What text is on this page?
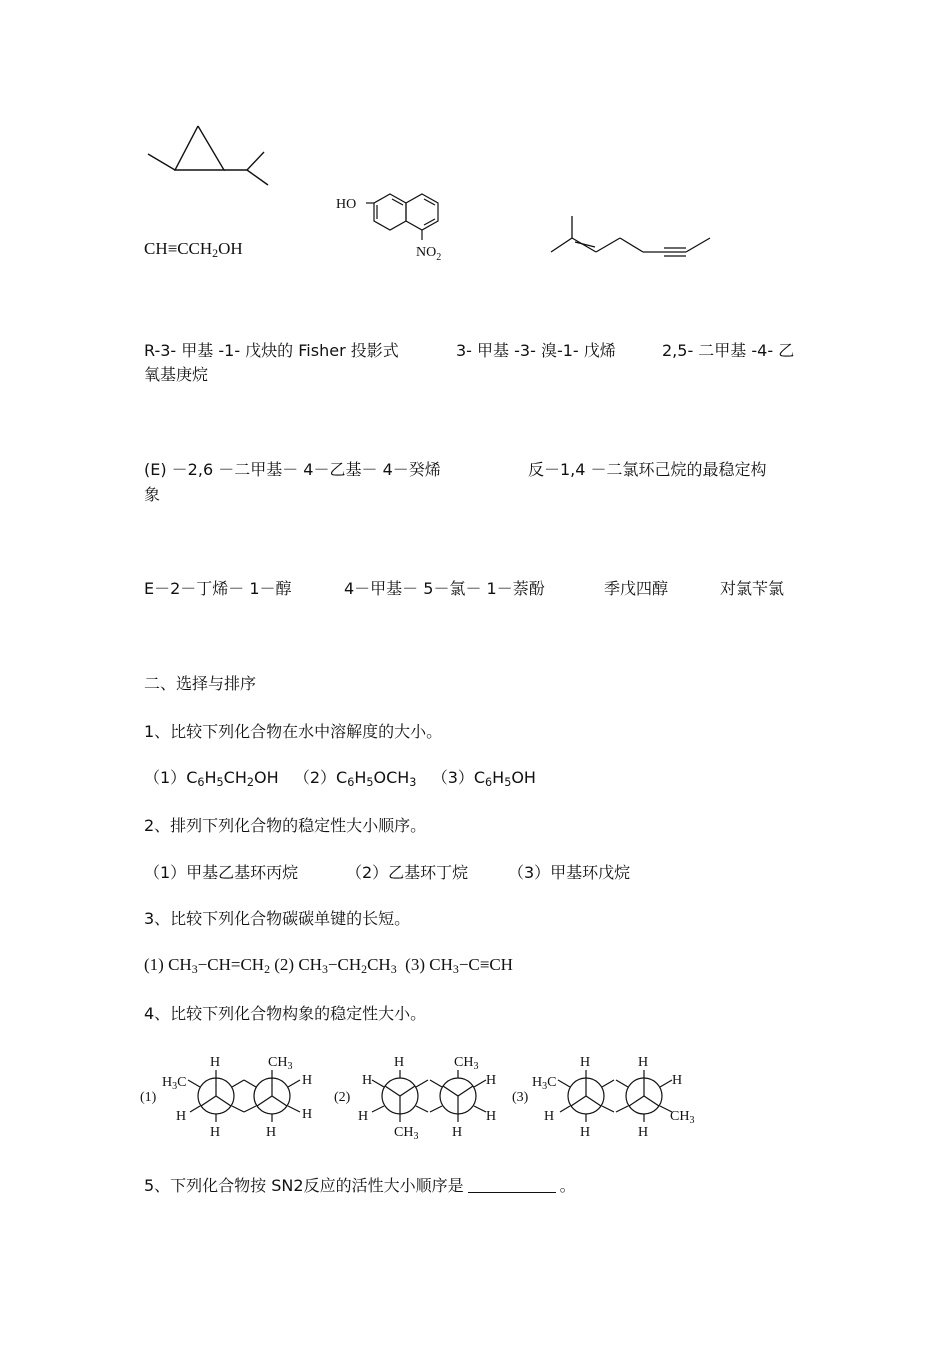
$CH\equiv CCH_2OH$
HO
$NO_2$
R-3- 甲基 -1- 戊炔的 Fisher 投影式	3- 甲基 -3- 溴-1- 戊烯	2,5- 二甲基 -4- 乙
氧基庚烷
(E) －2,6 －二甲基－ 4－乙基－ 4－癸烯	反－1,4 －二氯环己烷的最稳定构
象
E－2－丁烯－ 1－醇	4－甲基－ 5－氯－ 1－萘酚	季戊四醇	对氯苄氯
二、选择与排序
1、比较下列化合物在水中溶解度的大小。
$(1)C_6H_5CH_2OH$ $(2)C_6H_5OCH_3$ $(3)C_6H_5OH$
2、排列下列化合物的稳定性大小顺序。
（1）甲基乙基环丙烷	（2）乙基环丁烷 （3）甲基环戊烷
3、比较下列化合物碳碳单键的长短。
(1) $CH_3-CH=CH_2$ (2) $CH_3-CH_2CH_3$ (3) $CH_3-C\equiv CH$
4、比较下列化合物构象的稳定性大小。
(1)
H
$H_3C$
H
H
$CH_3$
H
H
H
(2)
H
H
H
$CH_3$
$CH_3$
H
H
H
(3)
H
$H_3C$
H
H
H
H
$CH_3$
H
5、下列化合物按 SN2反应的活性大小顺序是	。
